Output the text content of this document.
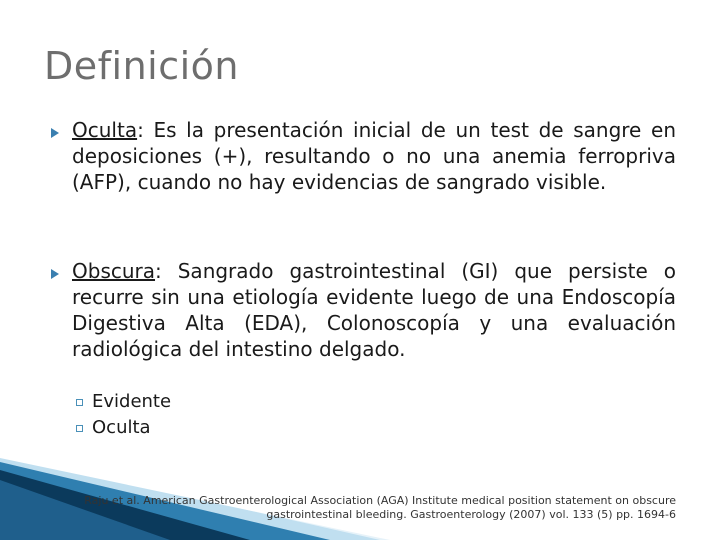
Definición
Oculta: Es la presentación inicial de un test de sangre en deposiciones (+), resultando o no una anemia ferropriva (AFP), cuando no hay evidencias de sangrado visible.
Obscura: Sangrado gastrointestinal (GI) que persiste o recurre sin una etiología evidente luego de una Endoscopía Digestiva Alta (EDA), Colonoscopía y una evaluación radiológica del intestino delgado.
Evidente
Oculta
Raju et al. American Gastroenterological Association (AGA) Institute medical position statement on obscure
gastrointestinal bleeding. Gastroenterology (2007) vol. 133 (5) pp. 1694-6
